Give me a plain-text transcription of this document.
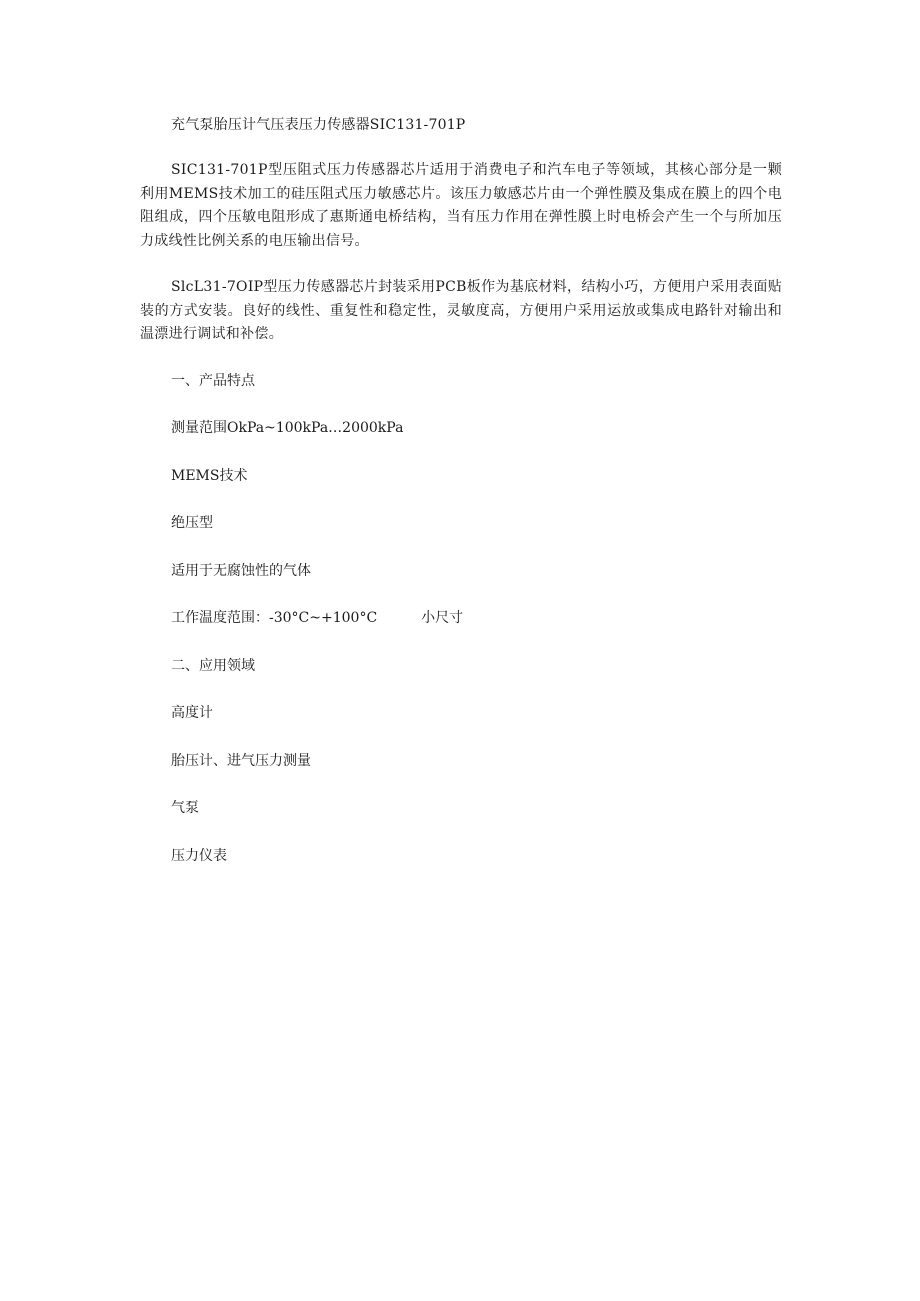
充气泵胎压计气压表压力传感器SIC131-701P

SIC131-701P型压阻式压力传感器芯片适用于消费电子和汽车电子等领域，其核心部分是一颗利用MEMS技术加工的硅压阻式压力敏感芯片。该压力敏感芯片由一个弹性膜及集成在膜上的四个电阻组成，四个压敏电阻形成了惠斯通电桥结构，当有压力作用在弹性膜上时电桥会产生一个与所加压力成线性比例关系的电压输出信号。

SlcL31-7OIP型压力传感器芯片封装采用PCB板作为基底材料，结构小巧，方便用户采用表面贴装的方式安装。良好的线性、重复性和稳定性，灵敏度高，方便用户采用运放或集成电路针对输出和温漂进行调试和补偿。

一、产品特点
测量范围OkPa~100kPa…2000kPa
MEMS技术
绝压型
适用于无腐蚀性的气体
工作温度范围：-30°C~+100°C	小尺寸
二、应用领域
高度计
胎压计、进气压力测量
气泵
压力仪表
